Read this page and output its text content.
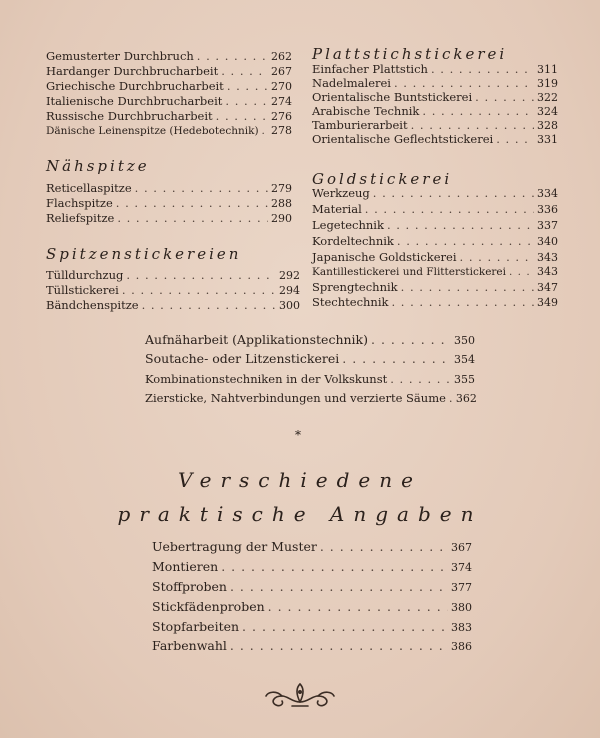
Gemusterter Durchbruch . . .	262
Hardanger Durchbrucharbeit . . .	267
Griechische Durchbrucharbeit . . .	270
Italienische Durchbrucharbeit . . .	274
Russische Durchbrucharbeit . . .	276
Dänische Leinenspitze (Hedebotechnik) . . . 278
Nähspitze
Reticellaspitze . . .	279
Flachspitze . . .	288
Reliefspitze . . .	290
Spitzenstickereien
Tülldurchzug . . .	292
Tüllstickerei . . .	294
Bändchenspitze . . .	300
Plattstichstickerei
Einfacher Plattstich . . .	311
Nadelmalerei . . .	319
Orientalische Buntstickerei . . .	322
Arabische Technik . . .	324
Tamburierarbeit . . .	328
Orientalische Geflechtstickerei . . .	331
Goldstickerei
Werkzeug . . .	334
Material . . .	336
Legetechnik . . .	337
Kordeltechnik . . .	340
Japanische Goldstickerei . . .	343
Kantillestickerei und Flitterstickerei . . .	343
Sprengtechnik . . .	347
Stechtechnik . . .	349
Aufnäharbeit (Applikationstechnik) . . .	350
Soutache- oder Litzenstickerei . . .	354
Kombinationstechniken in der Volkskunst . . .	355
Ziersticke, Nahtverbindungen und verzierte Säume . . . 362
*
Verschiedene
praktische Angaben
Uebertragung der Muster . . .	367
Montieren . . .	374
Stoffproben . . .	377
Stickfädenproben . . .	380
Stopfarbeiten . . .	383
Farbenwahl . . .	386
